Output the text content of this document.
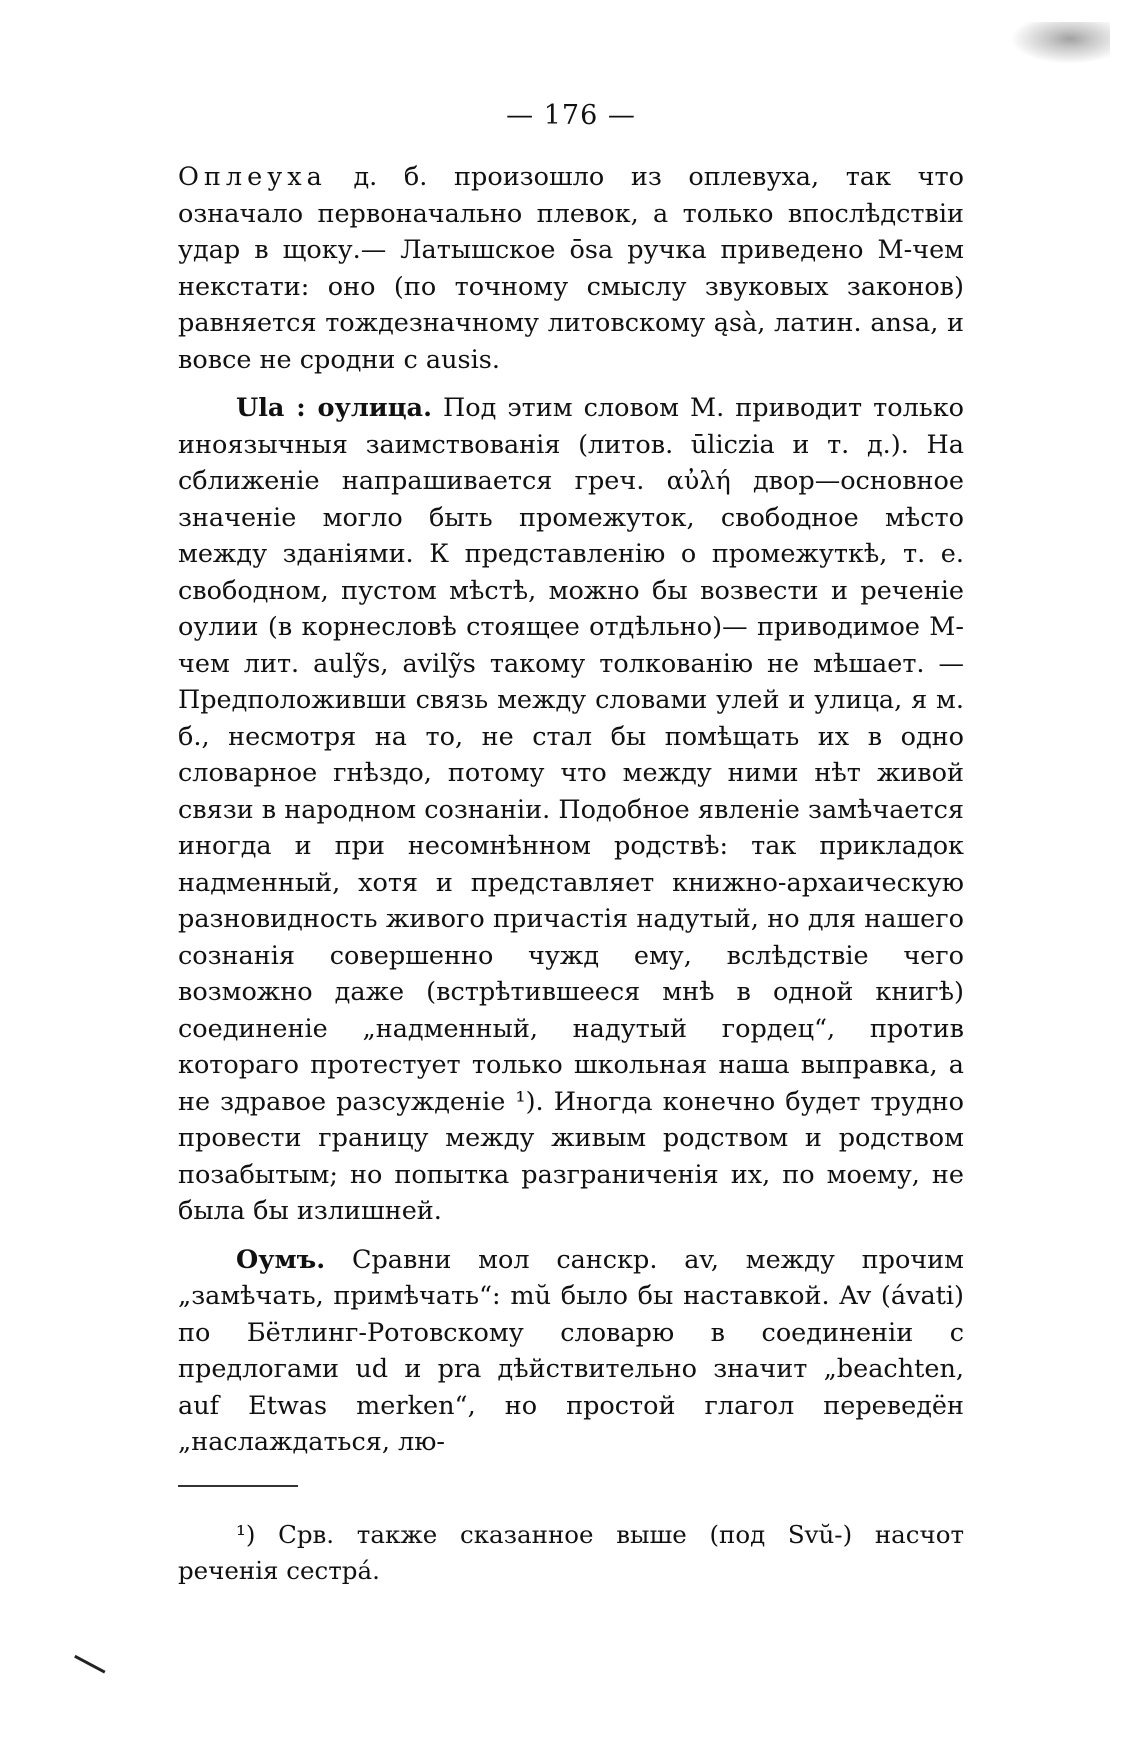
— 176 —

Оплеуха д. б. произошло из оплевуха, так что означало первоначально плевок, а только впослѣдствіи удар в щоку.— Латышское ōsa ручка приведено М-чем некстати: оно (по точному смыслу звуковых законов) равняется тождезначному литовскому ąsà, латин. ansa, и вовсе не сродни с ausis.

Ula : оулица. Под этим словом М. приводит только иноязычныя заимствованія (литов. ūliczia и т. д.). На сближеніе напрашивается греч. αὐλή двор—основное значеніе могло быть промежуток, свободное мѣсто между зданіями. К представленію о промежуткѣ, т. е. свободном, пустом мѣстѣ, можно бы возвести и реченіе оулии (в корнесловѣ стоящее отдѣльно)— приводимое М-чем лит. aulỹs, avilỹs такому толкованію не мѣшает. — Предположивши связь между словами улей и улица, я м. б., несмотря на то, не стал бы помѣщать их в одно словарное гнѣздо, потому что между ними нѣт живой связи в народном сознаніи. Подобное явленіе замѣчается иногда и при несомнѣнном родствѣ: так прикладок надменный, хотя и представляет книжно-архаическую разновидность живого причастія надутый, но для нашего сознанія совершенно чужд ему, вслѣдствіе чего возможно даже (встрѣтившееся мнѣ в одной книгѣ) соединеніе „надменный, надутый гордец“, против котораго протестует только школьная наша выправка, а не здравое разсужденіе ¹). Иногда конечно будет трудно провести границу между живым родством и родством позабытым; но попытка разграниченія их, по моему, не была бы излишней.

Оумъ. Сравни мол санскр. av, между прочим „замѣчать, примѣчать“: mŭ было бы наставкой. Av (ávati) по Бётлинг-Ротовскому словарю в соединеніи с предлогами ud и pra дѣйствительно значит „beachten, auf Etwas merken“, но простой глагол переведён „наслаждаться, лю-

¹) Срв. также сказанное выше (под Svŭ-) насчот реченія сестрá.
